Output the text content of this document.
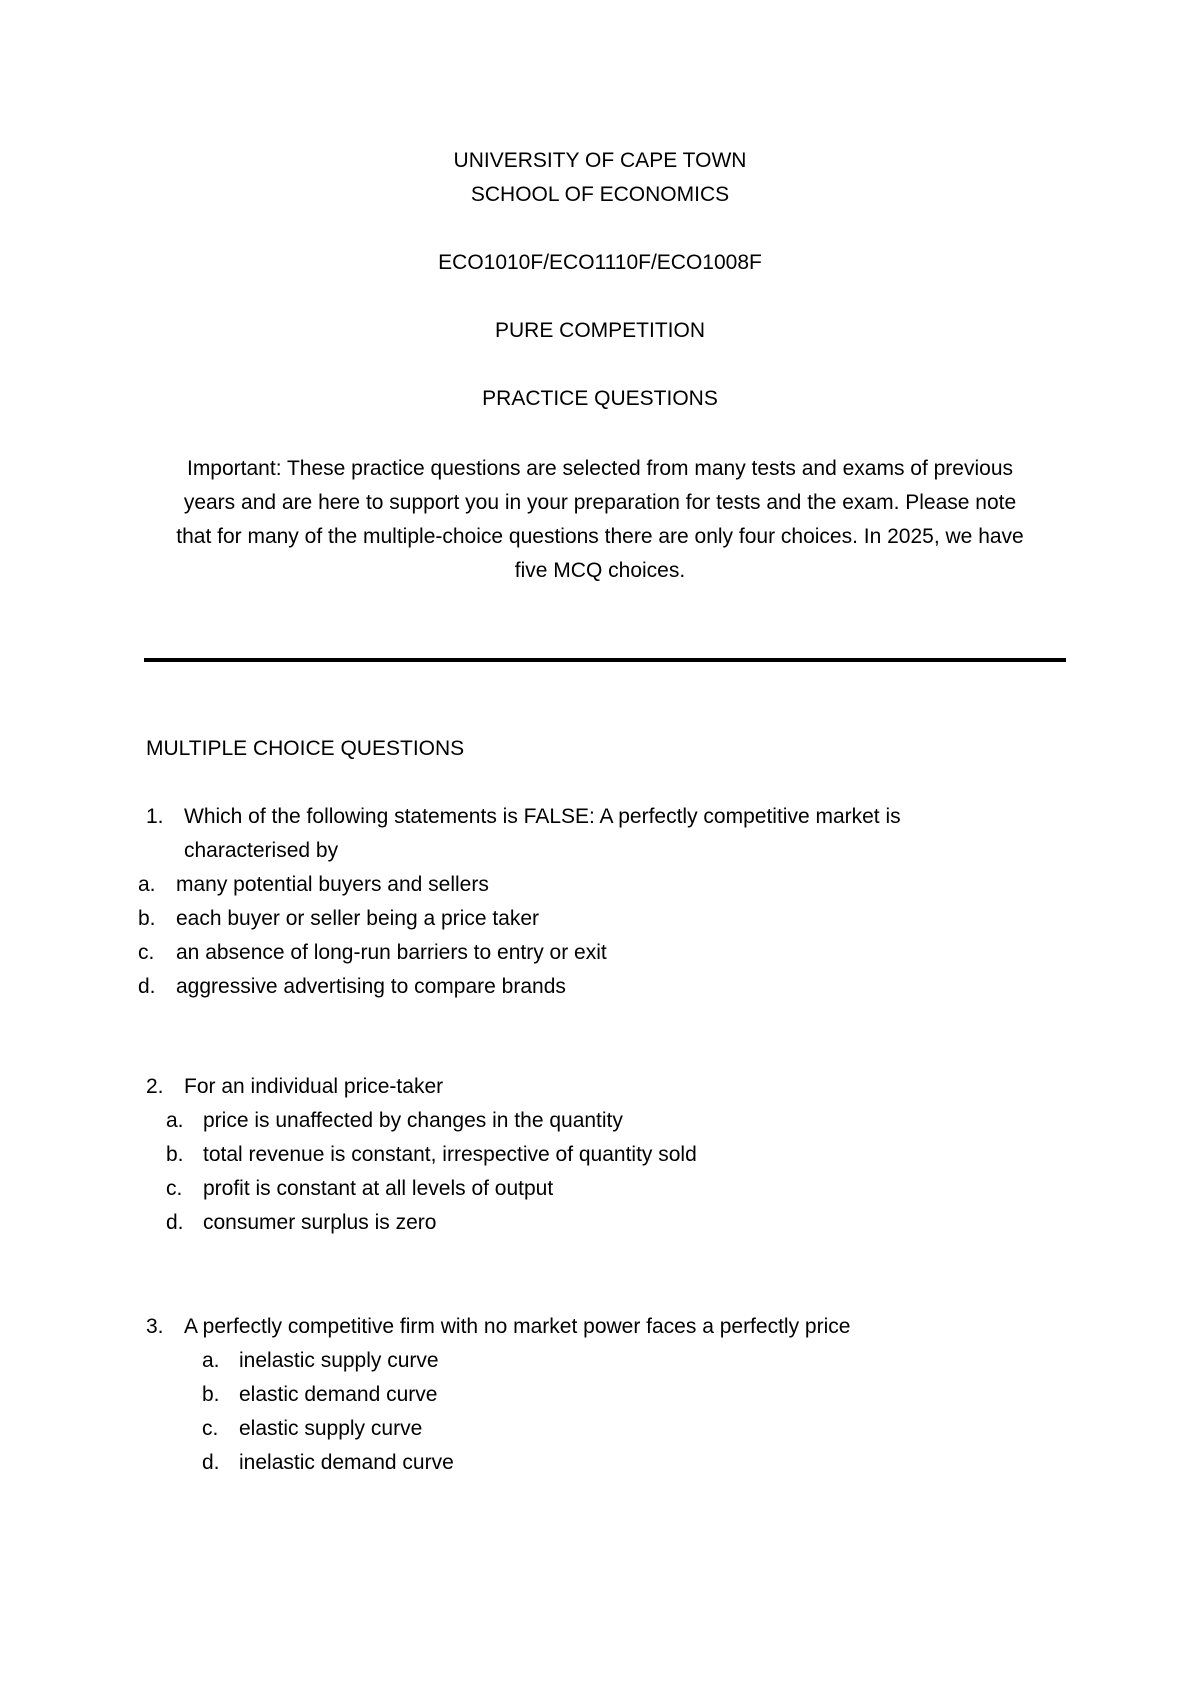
UNIVERSITY OF CAPE TOWN
SCHOOL OF ECONOMICS
ECO1010F/ECO1110F/ECO1008F
PURE COMPETITION
PRACTICE QUESTIONS
Important: These practice questions are selected from many tests and exams of previous
years and are here to support you in your preparation for tests and the exam. Please note
that for many of the multiple-choice questions there are only four choices. In 2025, we have
five MCQ choices.
MULTIPLE CHOICE QUESTIONS
1. Which of the following statements is FALSE: A perfectly competitive market is
characterised by
a. many potential buyers and sellers
b. each buyer or seller being a price taker
c. an absence of long-run barriers to entry or exit
d. aggressive advertising to compare brands
2. For an individual price-taker
a. price is unaffected by changes in the quantity
b. total revenue is constant, irrespective of quantity sold
c. profit is constant at all levels of output
d. consumer surplus is zero
3. A perfectly competitive firm with no market power faces a perfectly price
a. inelastic supply curve
b. elastic demand curve
c. elastic supply curve
d. inelastic demand curve
